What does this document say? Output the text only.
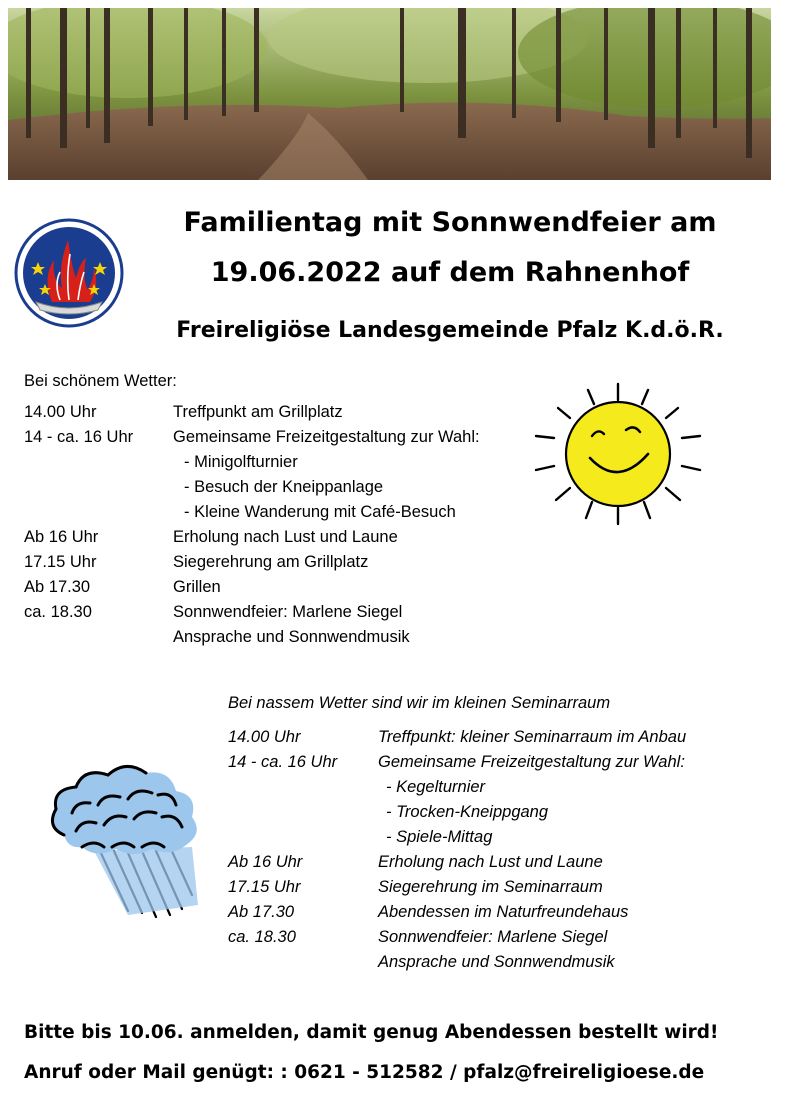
Familientag mit Sonnwendfeier am
19.06.2022 auf dem Rahnenhof
Freireligiöse Landesgemeinde Pfalz K.d.ö.R.

Bei schönem Wetter:

14.00 Uhr	Treffpunkt am Grillplatz
14 - ca. 16 Uhr Gemeinsame Freizeitgestaltung zur Wahl:
- Minigolfturnier
- Besuch der Kneippanlage
- Kleine Wanderung mit Café-Besuch
Ab 16 Uhr	Erholung nach Lust und Laune
17.15 Uhr	Siegerehrung am Grillplatz
Ab 17.30	Grillen
ca. 18.30	Sonnwendfeier: Marlene Siegel
Ansprache und Sonnwendmusik

Bei nassem Wetter sind wir im kleinen Seminarraum

14.00 Uhr	Treffpunkt: kleiner Seminarraum im Anbau
14 - ca. 16 Uhr Gemeinsame Freizeitgestaltung zur Wahl:
- Kegelturnier
- Trocken-Kneippgang
- Spiele-Mittag
Ab 16 Uhr	Erholung nach Lust und Laune
17.15 Uhr	Siegerehrung im Seminarraum
Ab 17.30	Abendessen im Naturfreundehaus
ca. 18.30	Sonnwendfeier: Marlene Siegel
Ansprache und Sonnwendmusik

Bitte bis 10.06. anmelden, damit genug Abendessen bestellt wird!

Anruf oder Mail genügt: : 0621 - 512582 / pfalz@freireligioese.de
